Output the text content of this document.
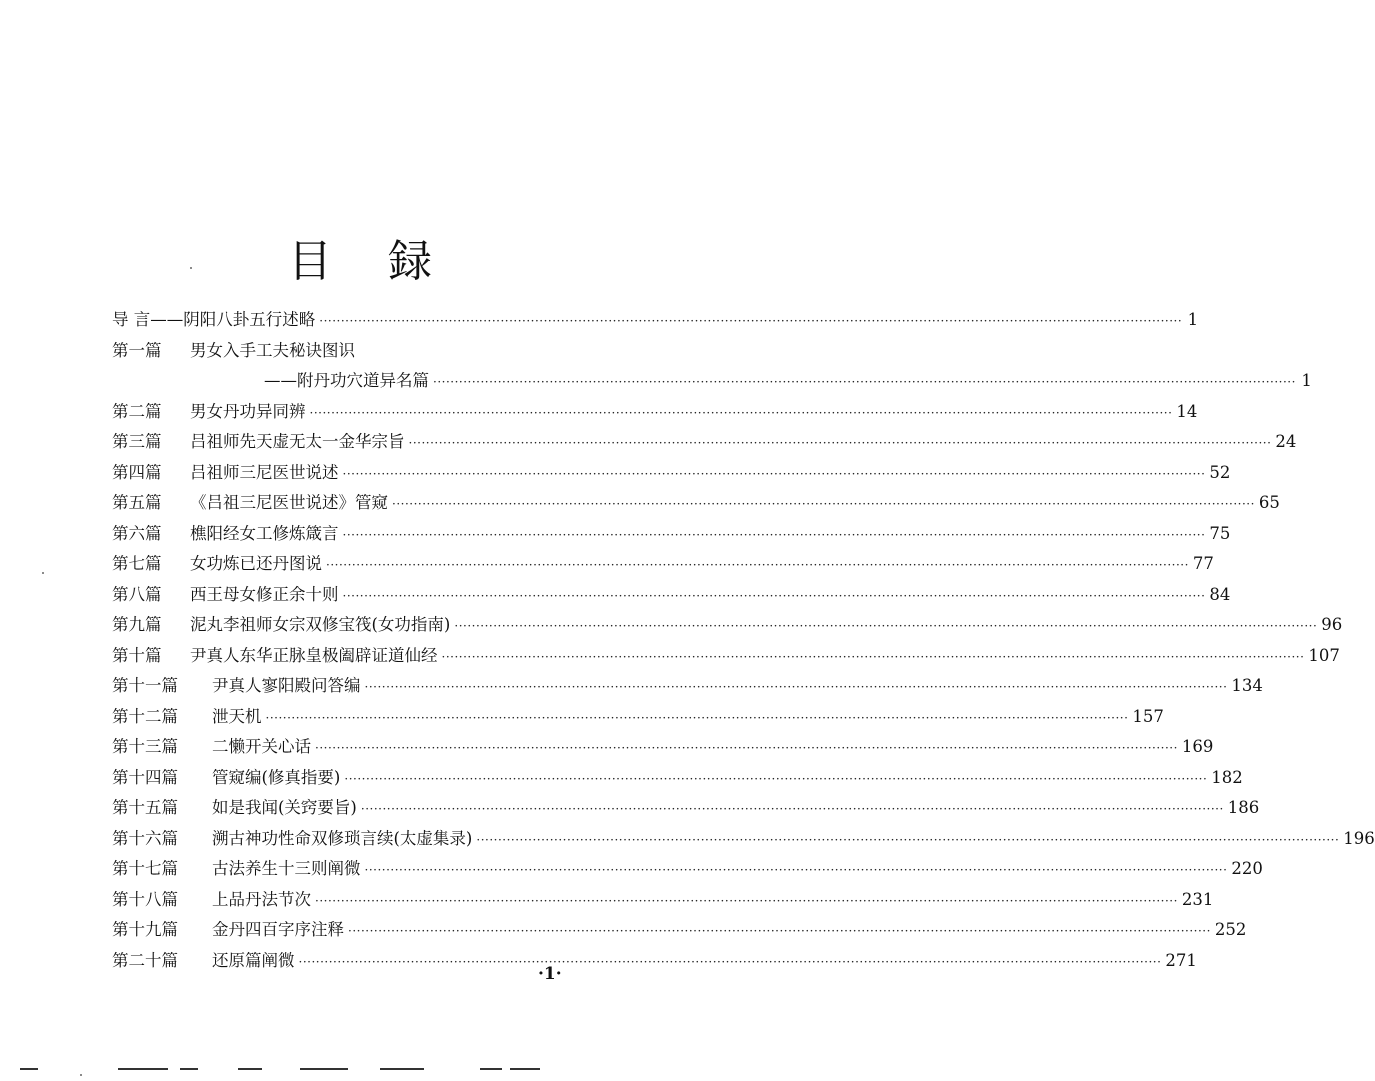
目 録
导 言——阴阳八卦五行述略 ········································································································································································································ 1
第一篇 男女入手工夫秘诀图识
——附丹功穴道异名篇 ········································································································································································································ 1
第二篇 男女丹功异同辨 ········································································································································································································ 14
第三篇 吕祖师先天虚无太一金华宗旨 ········································································································································································································ 24
第四篇 吕祖师三尼医世说述 ········································································································································································································ 52
第五篇 《吕祖三尼医世说述》管窥 ········································································································································································································ 65
第六篇 樵阳经女工修炼箴言 ········································································································································································································ 75
第七篇 女功炼已还丹图说 ········································································································································································································ 77
第八篇 西王母女修正余十则 ········································································································································································································ 84
第九篇 泥丸李祖师女宗双修宝筏(女功指南) ········································································································································································································ 96
第十篇 尹真人东华正脉皇极阖辟证道仙经 ········································································································································································································ 107
第十一篇 尹真人寥阳殿问答编 ········································································································································································································ 134
第十二篇 泄天机 ········································································································································································································ 157
第十三篇 二懒开关心话 ········································································································································································································ 169
第十四篇 管窥编(修真指要) ········································································································································································································ 182
第十五篇 如是我闻(关窍要旨) ········································································································································································································ 186
第十六篇 溯古神功性命双修琐言续(太虚集录) ········································································································································································································ 196
第十七篇 古法养生十三则阐微 ········································································································································································································ 220
第十八篇 上品丹法节次 ········································································································································································································ 231
第十九篇 金丹四百字序注释 ········································································································································································································ 252
第二十篇 还原篇阐微 ········································································································································································································ 271
·1·
